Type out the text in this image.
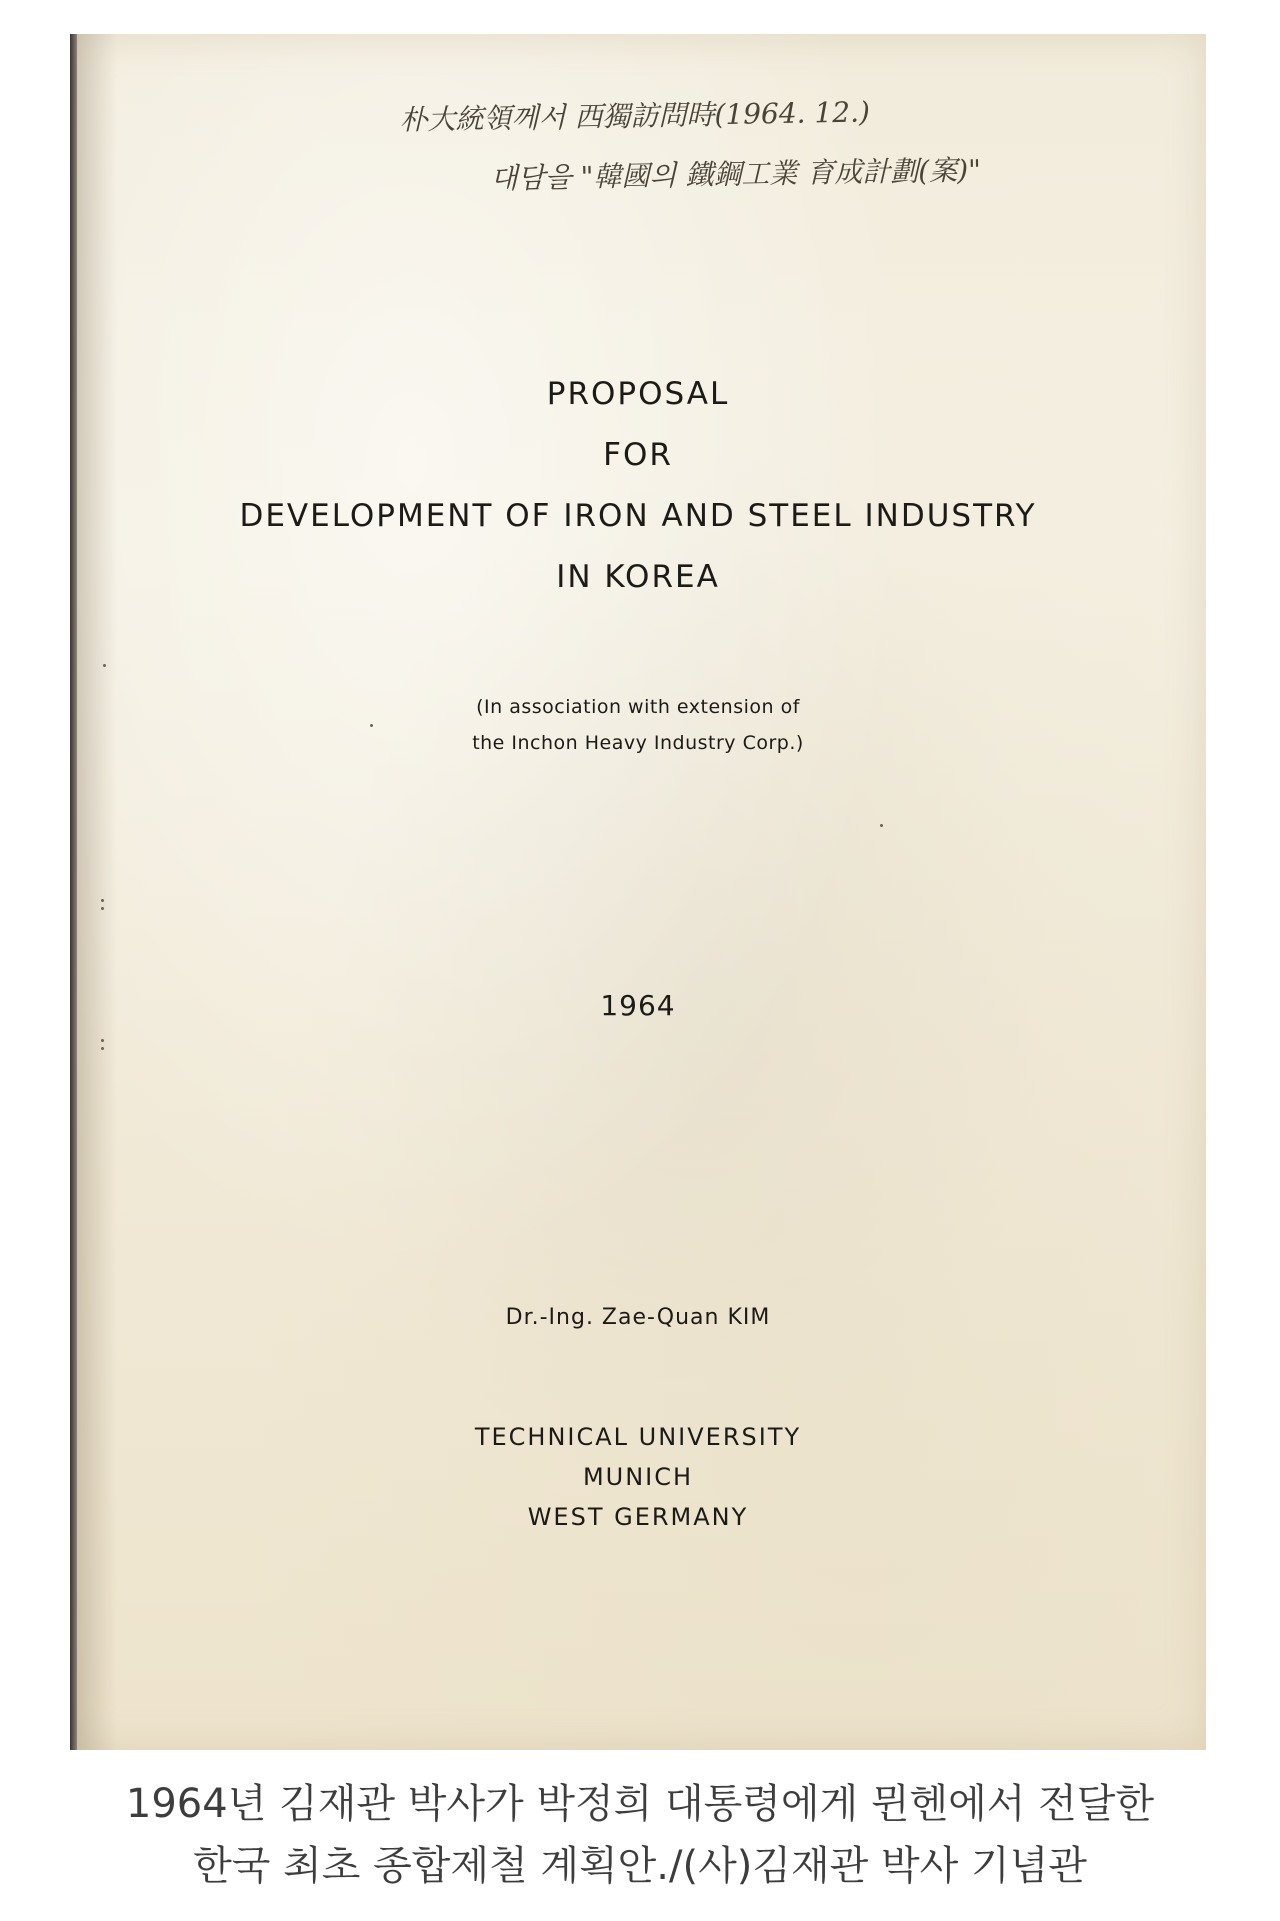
朴大統領께서 西獨訪問時(1964. 12.)
대담을 "韓國의 鐵鋼工業 育成計劃(案)"
PROPOSAL
FOR
DEVELOPMENT OF IRON AND STEEL INDUSTRY
IN KOREA
(In association with extension of
the Inchon Heavy Industry Corp.)
1964
Dr.-Ing. Zae-Quan KIM
TECHNICAL UNIVERSITY
MUNICH
WEST GERMANY
1964년 김재관 박사가 박정희 대통령에게 뮌헨에서 전달한
한국 최초 종합제철 계획안./(사)김재관 박사 기념관
